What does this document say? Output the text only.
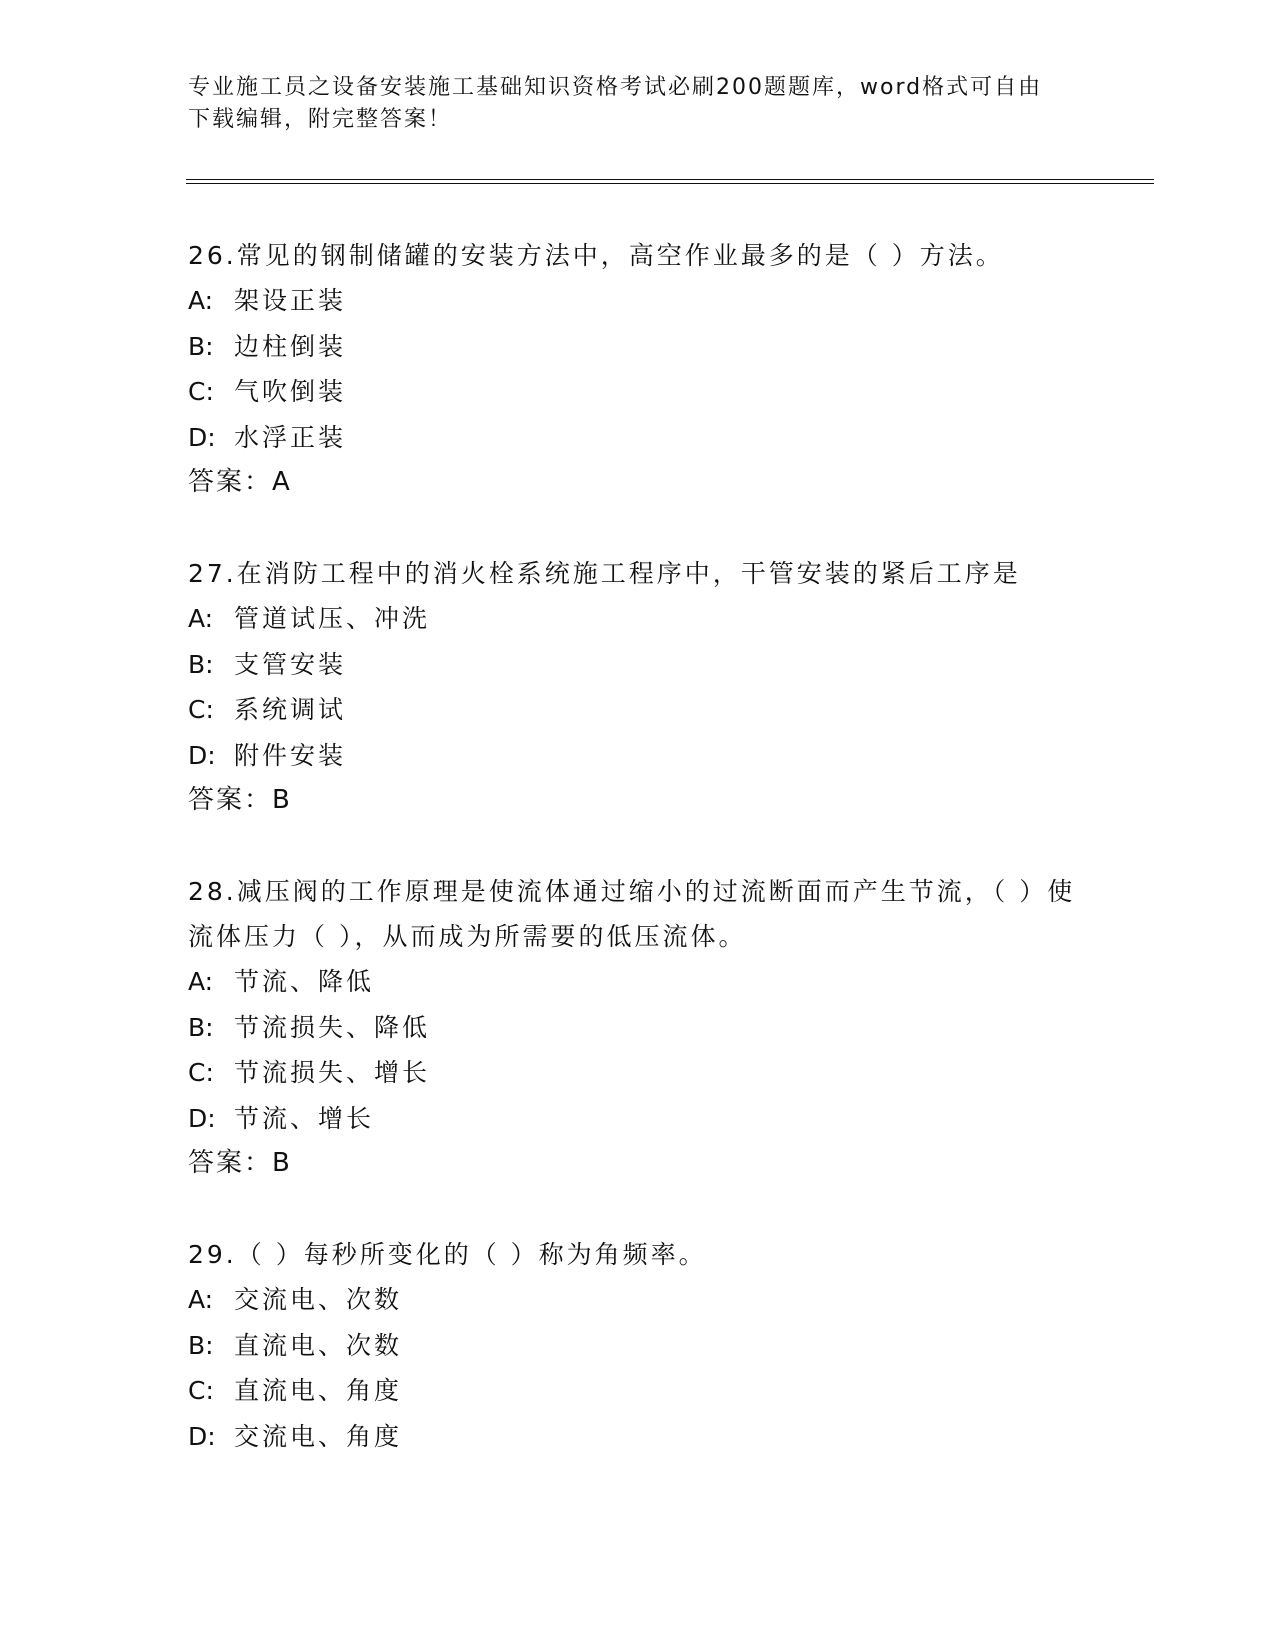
专业施工员之设备安装施工基础知识资格考试必刷200题题库，word格式可自由
下载编辑，附完整答案！
26.常见的钢制储罐的安装方法中，高空作业最多的是（ ）方法。
A: 架设正装
B: 边柱倒装
C: 气吹倒装
D: 水浮正装
答案：A
27.在消防工程中的消火栓系统施工程序中，干管安装的紧后工序是
A: 管道试压、冲洗
B: 支管安装
C: 系统调试
D: 附件安装
答案：B
28.减压阀的工作原理是使流体通过缩小的过流断面而产生节流，（ ）使流体压力（ ），从而成为所需要的低压流体。
A: 节流、降低
B: 节流损失、降低
C: 节流损失、增长
D: 节流、增长
答案：B
29.（ ）每秒所变化的（ ）称为角频率。
A: 交流电、次数
B: 直流电、次数
C: 直流电、角度
D: 交流电、角度
